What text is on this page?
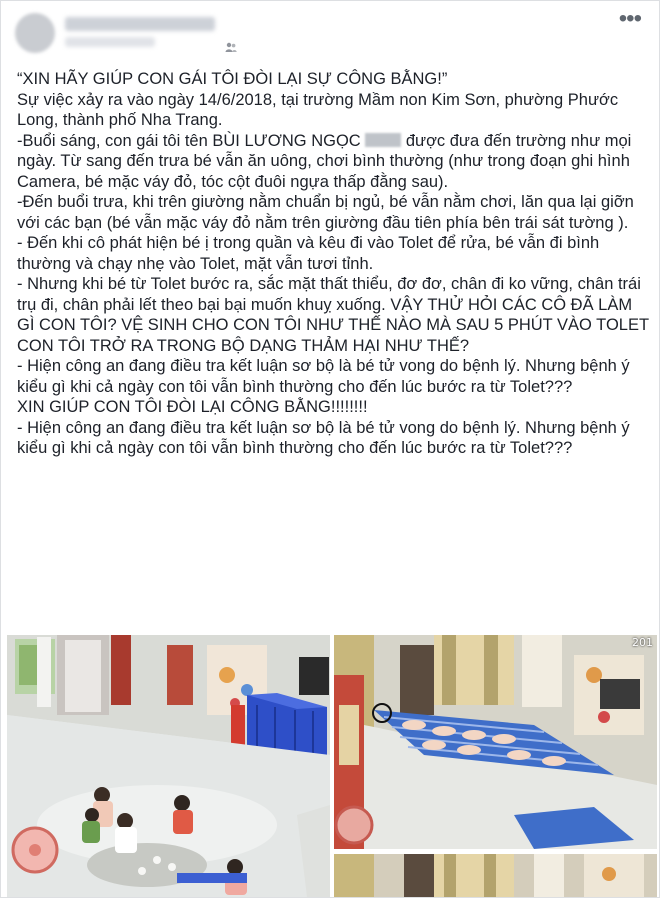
•••

“XIN HÃY GIÚP CON GÁI TÔI ĐÒI LẠI SỰ CÔNG BẰNG!”

Sự việc xảy ra vào ngày 14/6/2018, tại trường Mầm non Kim Sơn, phường Phước Long, thành phố Nha Trang.

-Buổi sáng, con gái tôi tên BÙI LƯƠNG NGỌC  được đưa đến trường như mọi ngày. Từ sang đến trưa bé vẫn ăn uông, chơi bình thường (như trong đoạn ghi hình Camera, bé mặc váy đỏ, tóc cột đuôi ngựa thấp đằng sau).

-Đến buổi trưa, khi trên giường nằm chuẩn bị ngủ, bé vẫn nằm chơi, lăn qua lại giỡn với các bạn (bé vẫn mặc váy đỏ nằm trên giường đầu tiên phía bên trái sát tường ).

- Đến khi cô phát hiện bé ị trong quần và kêu đi vào Tolet để rửa, bé vẫn đi bình thường và chạy nhẹ vào Tolet, mặt vẫn tươi tỉnh.

- Nhưng khi bé từ Tolet bước ra, sắc mặt thất thiểu, đơ đơ, chân đi ko vững, chân trái trụ đi, chân phải lết theo bại bại muốn khuỵ xuống. VẬY THỬ HỎI CÁC CÔ ĐÃ LÀM GÌ CON TÔI? VỆ SINH CHO CON TÔI NHƯ THẾ NÀO MÀ SAU 5 PHÚT VÀO TOLET CON TÔI TRỞ RA TRONG BỘ DẠNG THẢM HẠI NHƯ THẾ?

- Hiện công an đang điều tra kết luận sơ bộ là bé tử vong do bệnh lý. Nhưng bệnh ý kiểu gì khi cả ngày con tôi vẫn bình thường cho đến lúc bước ra từ Tolet???

XIN GIÚP CON TÔI ĐÒI LẠI CÔNG BẰNG!!!!!!!!

- Hiện công an đang điều tra kết luận sơ bộ là bé tử vong do bệnh lý. Nhưng bệnh ý kiểu gì khi cả ngày con tôi vẫn bình thường cho đến lúc bước ra từ Tolet???

201
